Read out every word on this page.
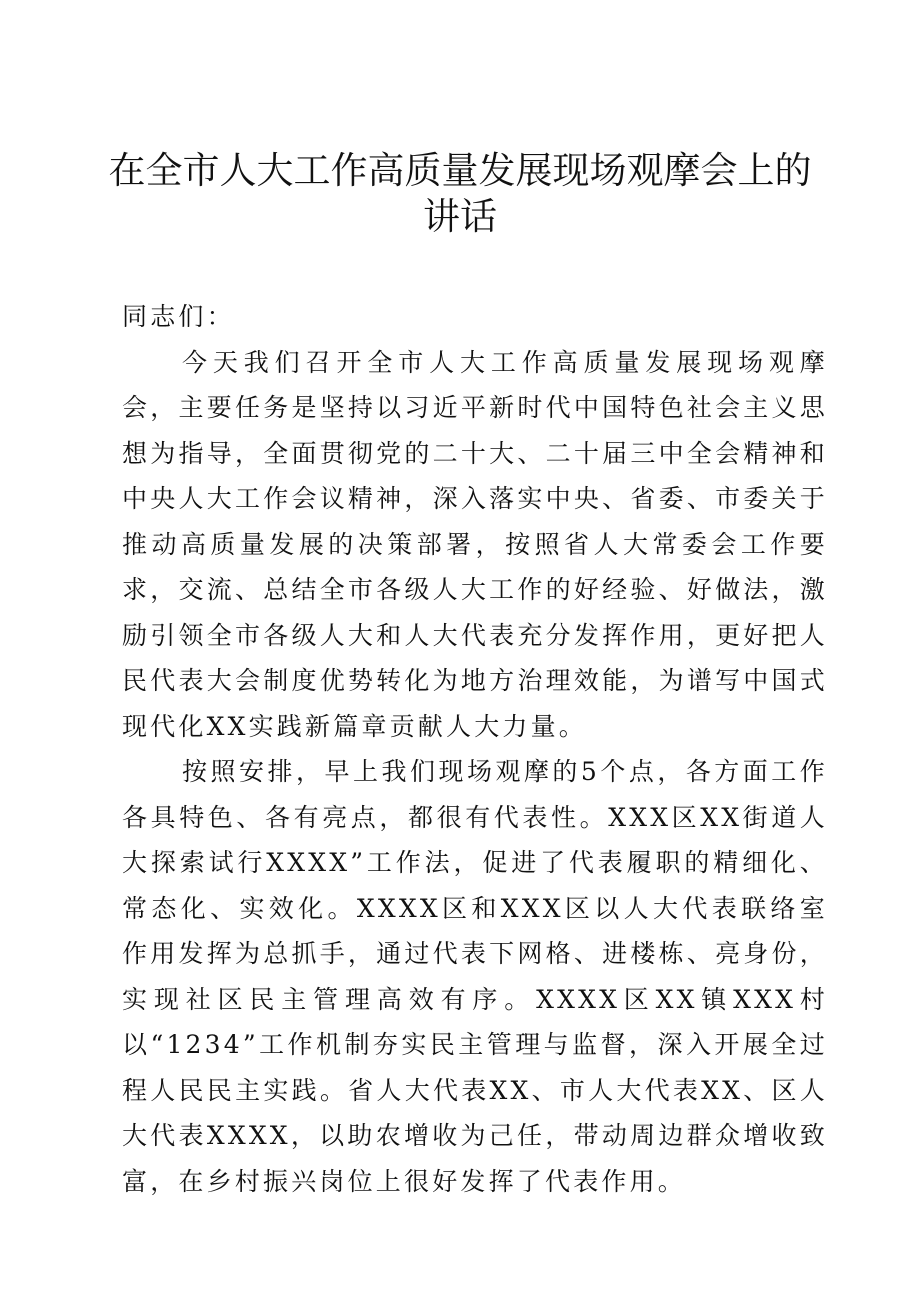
在全市人大工作高质量发展现场观摩会上的讲话

同志们：

今天我们召开全市人大工作高质量发展现场观摩会，主要任务是坚持以习近平新时代中国特色社会主义思想为指导，全面贯彻党的二十大、二十届三中全会精神和中央人大工作会议精神，深入落实中央、省委、市委关于推动高质量发展的决策部署，按照省人大常委会工作要求，交流、总结全市各级人大工作的好经验、好做法，激励引领全市各级人大和人大代表充分发挥作用，更好把人民代表大会制度优势转化为地方治理效能，为谱写中国式现代化XX实践新篇章贡献人大力量。

按照安排，早上我们现场观摩的5个点，各方面工作各具特色、各有亮点，都很有代表性。XXX区XX街道人大探索试行XXXX”工作法，促进了代表履职的精细化、常态化、实效化。XXXX区和XXX区以人大代表联络室作用发挥为总抓手，通过代表下网格、进楼栋、亮身份，实现社区民主管理高效有序。XXXX区XX镇XXX村以“1234”工作机制夯实民主管理与监督，深入开展全过程人民民主实践。省人大代表XX、市人大代表XX、区人大代表XXXX，以助农增收为己任，带动周边群众增收致富，在乡村振兴岗位上很好发挥了代表作用。
